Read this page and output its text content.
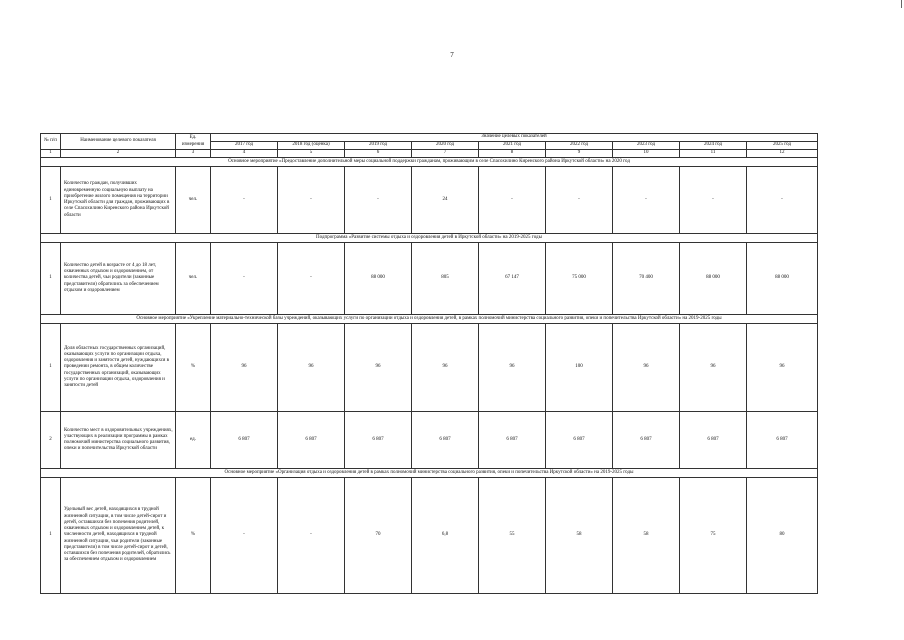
7

№ п/п	Наименование целевого показателя	Ед. измерения	Значение целевых показателей								
			2017 год	2018 год (оценка)	2019 год	2020 год	2021 год	2022 год	2023 год	2024 год	2025 год
1	2	3	4	5	6	7	8	9	10	11	12
Основное мероприятие «Предоставление дополнительной меры социальной поддержки гражданам, проживающим в селе Спасохилино Киренского района Иркутской области» на 2020 год											
1	Количество граждан, получивших единовременную социальную выплату на приобретение жилого помещения на территории Иркутской области для граждан, проживающих в селе Спасохилино Киренского района Иркутской области	чел.	-	-	-	24	-	-	-	-	-
Подпрограмма «Развитие системы отдыха и оздоровления детей в Иркутской области» на 2019-2025 годы											
1	Количество детей в возрасте от 4 до 18 лет, охваченных отдыхом и оздоровлением, от количества детей, чьи родители (законные представители) обратились за обеспечением отдыхом и оздоровлением	чел.	-	-	88 000	805	67 147	75 000	70 400	88 000	88 000
Основное мероприятие «Укрепление материально-технической базы учреждений, оказывающих услуги по организации отдыха и оздоровления детей, в рамках полномочий министерства социального развития, опеки и попечительства Иркутской области» на 2019-2025 годы											
1	Доля областных государственных организаций, оказывающих услуги по организации отдыха, оздоровления и занятости детей, нуждающихся в проведении ремонта, в общем количестве государственных организаций, оказывающих услуги по организации отдыха, оздоровления и занятости детей	%	96	96	96	96	96	100	96	96	96
2	Количество мест в оздоровительных учреждениях, участвующих в реализации программы в рамках полномочий министерства социального развития, опеки и попечительства Иркутской области	ед.	6 807	6 807	6 807	6 807	6 807	6 807	6 807	6 807	6 807
Основное мероприятие «Организация отдыха и оздоровления детей в рамках полномочий министерства социального развития, опеки и попечительства Иркутской области» на 2019-2025 годы											
1	Удельный вес детей, находящихся в трудной жизненной ситуации, в том числе детей-сирот и детей, оставшихся без попечения родителей, охваченных отдыхом и оздоровлением детей, к численности детей, находящихся в трудной жизненной ситуации, чьи родители (законные представители) в том числе детей-сирот и детей, оставшихся без попечения родителей, обратились за обеспечением отдыхом и оздоровлением	%	-	-	70	6,8	55	58	58	75	80
